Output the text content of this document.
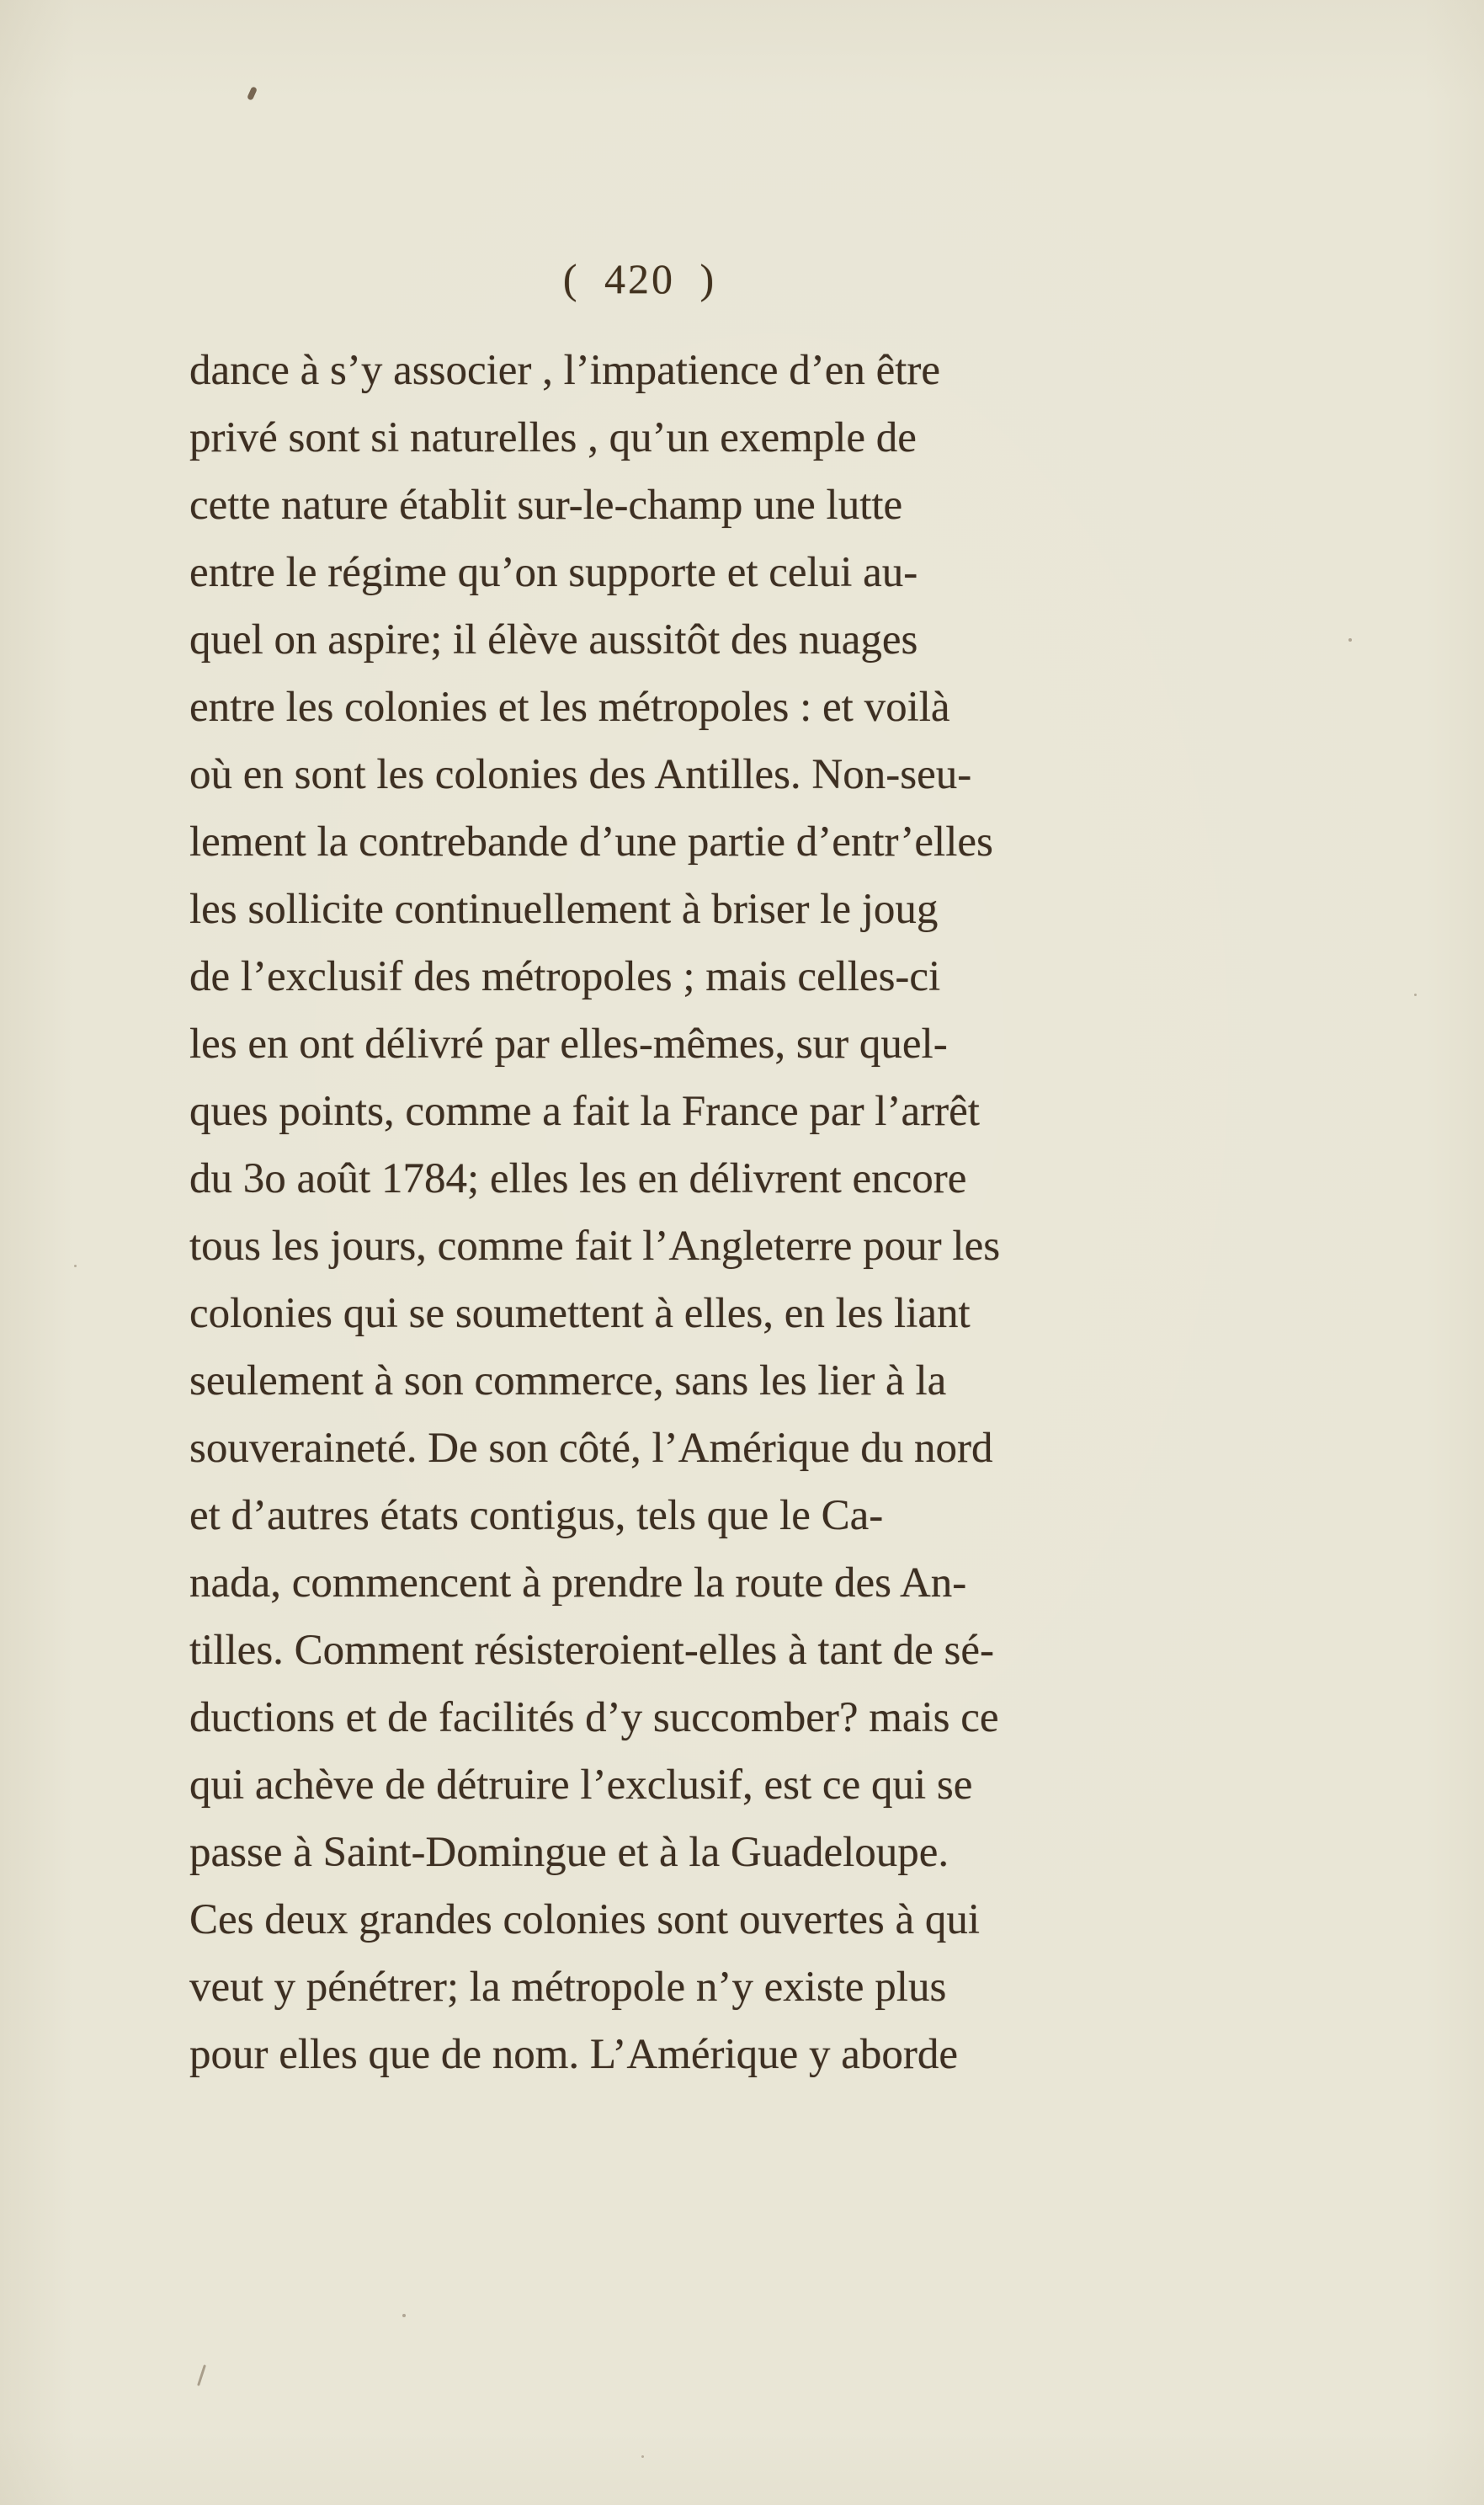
( 420 )
dance à s’y associer , l’impatience d’en être
privé sont si naturelles , qu’un exemple de
cette nature établit sur-le-champ une lutte
entre le régime qu’on supporte et celui au-
quel on aspire; il élève aussitôt des nuages
entre les colonies et les métropoles : et voilà
où en sont les colonies des Antilles. Non-seu-
lement la contrebande d’une partie d’entr’elles
les sollicite continuellement à briser le joug
de l’exclusif des métropoles ; mais celles-ci
les en ont délivré par elles-mêmes, sur quel-
ques points, comme a fait la France par l’arrêt
du 3o août 1784; elles les en délivrent encore
tous les jours, comme fait l’Angleterre pour les
colonies qui se soumettent à elles, en les liant
seulement à son commerce, sans les lier à la
souveraineté. De son côté, l’Amérique du nord
et d’autres états contigus, tels que le Ca-
nada, commencent à prendre la route des An-
tilles. Comment résisteroient-elles à tant de sé-
ductions et de facilités d’y succomber? mais ce
qui achève de détruire l’exclusif, est ce qui se
passe à Saint-Domingue et à la Guadeloupe.
Ces deux grandes colonies sont ouvertes à qui
veut y pénétrer; la métropole n’y existe plus
pour elles que de nom. L’Amérique y aborde
